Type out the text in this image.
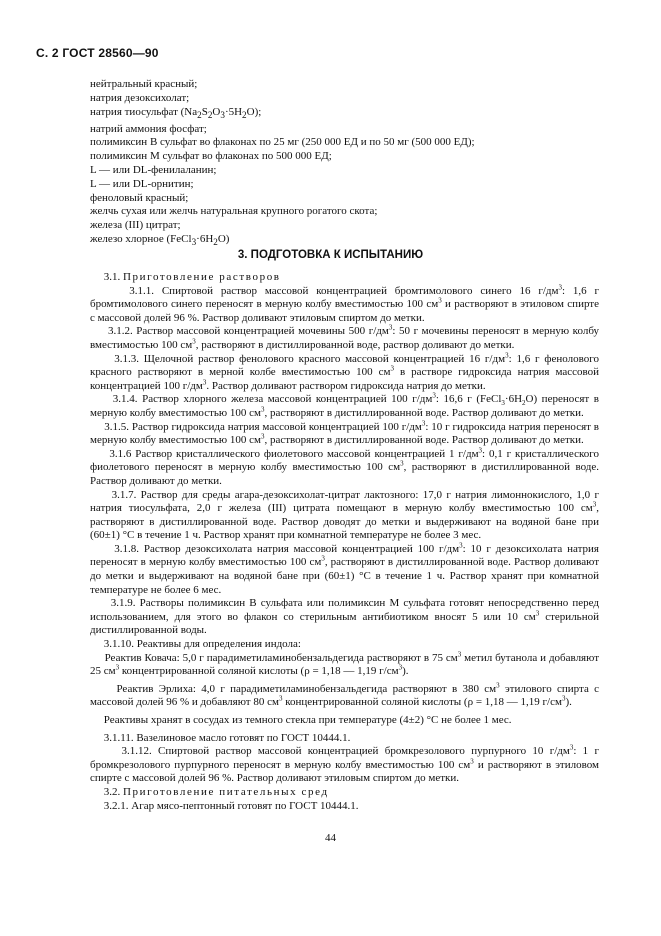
С. 2 ГОСТ 28560—90
нейтральный красный;
натрия дезоксихолат;
натрия тиосульфат $(Na_2S_2O_3\cdot 5H_2O)$;
натрий аммония фосфат;
полимиксин В сульфат во флаконах по 25 мг (250 000 ЕД и по 50 мг (500 000 ЕД);
полимиксин М сульфат во флаконах по 500 000 ЕД;
L — или DL-фенилаланин;
L — или DL-орнитин;
феноловый красный;
желчь сухая или желчь натуральная крупного рогатого скота;
железа (III) цитрат;
железо хлорное $(FeCl_3\cdot 6H_2O)$
3. ПОДГОТОВКА К ИСПЫТАНИЮ

3.1. Приготовление растворов

3.1.1. Спиртовой раствор массовой концентрацией бромтимолового синего 16 $г/дм^3$: 1,6 г бромтимолового синего переносят в мерную колбу вместимостью 100 $см^3$ и растворяют в этиловом спирте с массовой долей 96 %. Раствор доливают этиловым спиртом до метки.

3.1.2. Раствор массовой концентрацией мочевины 500 $г/дм^3$: 50 г мочевины переносят в мерную колбу вместимостью 100 $см^3$, растворяют в дистиллированной воде, раствор доливают до метки.

3.1.3. Щелочной раствор фенолового красного массовой концентрацией 16 $г/дм^3$: 1,6 г фенолового красного растворяют в мерной колбе вместимостью 100 $см^3$ в растворе гидроксида натрия массовой концентрацией 100 $г/дм^3$. Раствор доливают раствором гидроксида натрия до метки.

3.1.4. Раствор хлорного железа массовой концентрацией 100 $г/дм^3$: 16,6 г $(FeCl_3\cdot 6H_2O)$ переносят в мерную колбу вместимостью 100 $см^3$, растворяют в дистиллированной воде. Раствор доливают до метки.

3.1.5. Раствор гидроксида натрия массовой концентрацией 100 $г/дм^3$: 10 г гидроксида натрия переносят в мерную колбу вместимостью 100 $см^3$, растворяют в дистиллированной воде. Раствор доливают до метки.

3.1.6 Раствор кристаллического фиолетового массовой концентрацией 1 $г/дм^3$: 0,1 г кристаллического фиолетового переносят в мерную колбу вместимостью 100 $см^3$, растворяют в дистиллированной воде. Раствор доливают до метки.

3.1.7. Раствор для среды агара-дезоксихолат-цитрат лактозного: 17,0 г натрия лимоннокислого, 1,0 г натрия тиосульфата, 2,0 г железа (III) цитрата помещают в мерную колбу вместимостью 100 $см^3$, растворяют в дистиллированной воде. Раствор доводят до метки и выдерживают на водяной бане при (60±1) °С в течение 1 ч. Раствор хранят при комнатной температуре не более 3 мес.

3.1.8. Раствор дезоксихолата натрия массовой концентрацией 100 $г/дм^3$: 10 г дезоксихолата натрия переносят в мерную колбу вместимостью 100 $см^3$, растворяют в дистиллированной воде. Раствор доливают до метки и выдерживают на водяной бане при (60±1) °С в течение 1 ч. Раствор хранят при комнатной температуре не более 6 мес.

3.1.9. Растворы полимиксин В сульфата или полимиксин М сульфата готовят непосредственно перед использованием, для этого во флакон со стерильным антибиотиком вносят 5 или 10 $см^3$ стерильной дистиллированной воды.

3.1.10. Реактивы для определения индола:

Реактив Ковача: 5,0 г парадиметиламинобензальдегида растворяют в 75 $см^3$ метил бутанола и добавляют 25 $см^3$ концентрированной соляной кислоты (ρ = 1,18 — 1,19 $г/см^3$).

Реактив Эрлиха: 4,0 г парадиметиламинобензальдегида растворяют в 380 $см^3$ этилового спирта с массовой долей 96 % и добавляют 80 $см^3$ концентрированной соляной кислоты (ρ = 1,18 — 1,19 $г/см^3$).

Реактивы хранят в сосудах из темного стекла при температуре (4±2) °С не более 1 мес.

3.1.11. Вазелиновое масло готовят по ГОСТ 10444.1.

3.1.12. Спиртовой раствор массовой концентрацией бромкрезолового пурпурного 10 $г/дм^3$: 1 г бромкрезолового пурпурного переносят в мерную колбу вместимостью 100 $см^3$ и растворяют в этиловом спирте с массовой долей 96 %. Раствор доливают этиловым спиртом до метки.

3.2. Приготовление питательных сред

3.2.1. Агар мясо-пептонный готовят по ГОСТ 10444.1.

44
